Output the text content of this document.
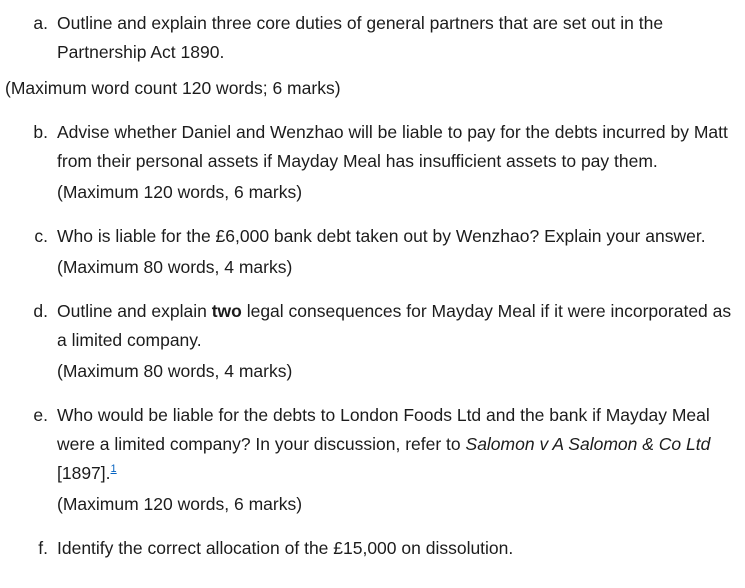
a. Outline and explain three core duties of general partners that are set out in the Partnership Act 1890.

(Maximum word count 120 words; 6 marks)

b. Advise whether Daniel and Wenzhao will be liable to pay for the debts incurred by Matt from their personal assets if Mayday Meal has insufficient assets to pay them.
(Maximum 120 words, 6 marks)
c. Who is liable for the £6,000 bank debt taken out by Wenzhao? Explain your answer.
(Maximum 80 words, 4 marks)
d. Outline and explain two legal consequences for Mayday Meal if it were incorporated as a limited company.
(Maximum 80 words, 4 marks)
e. Who would be liable for the debts to London Foods Ltd and the bank if Mayday Meal were a limited company? In your discussion, refer to Salomon v A Salomon & Co Ltd [1897].$^1$
(Maximum 120 words, 6 marks)
f. Identify the correct allocation of the £15,000 on dissolution.
